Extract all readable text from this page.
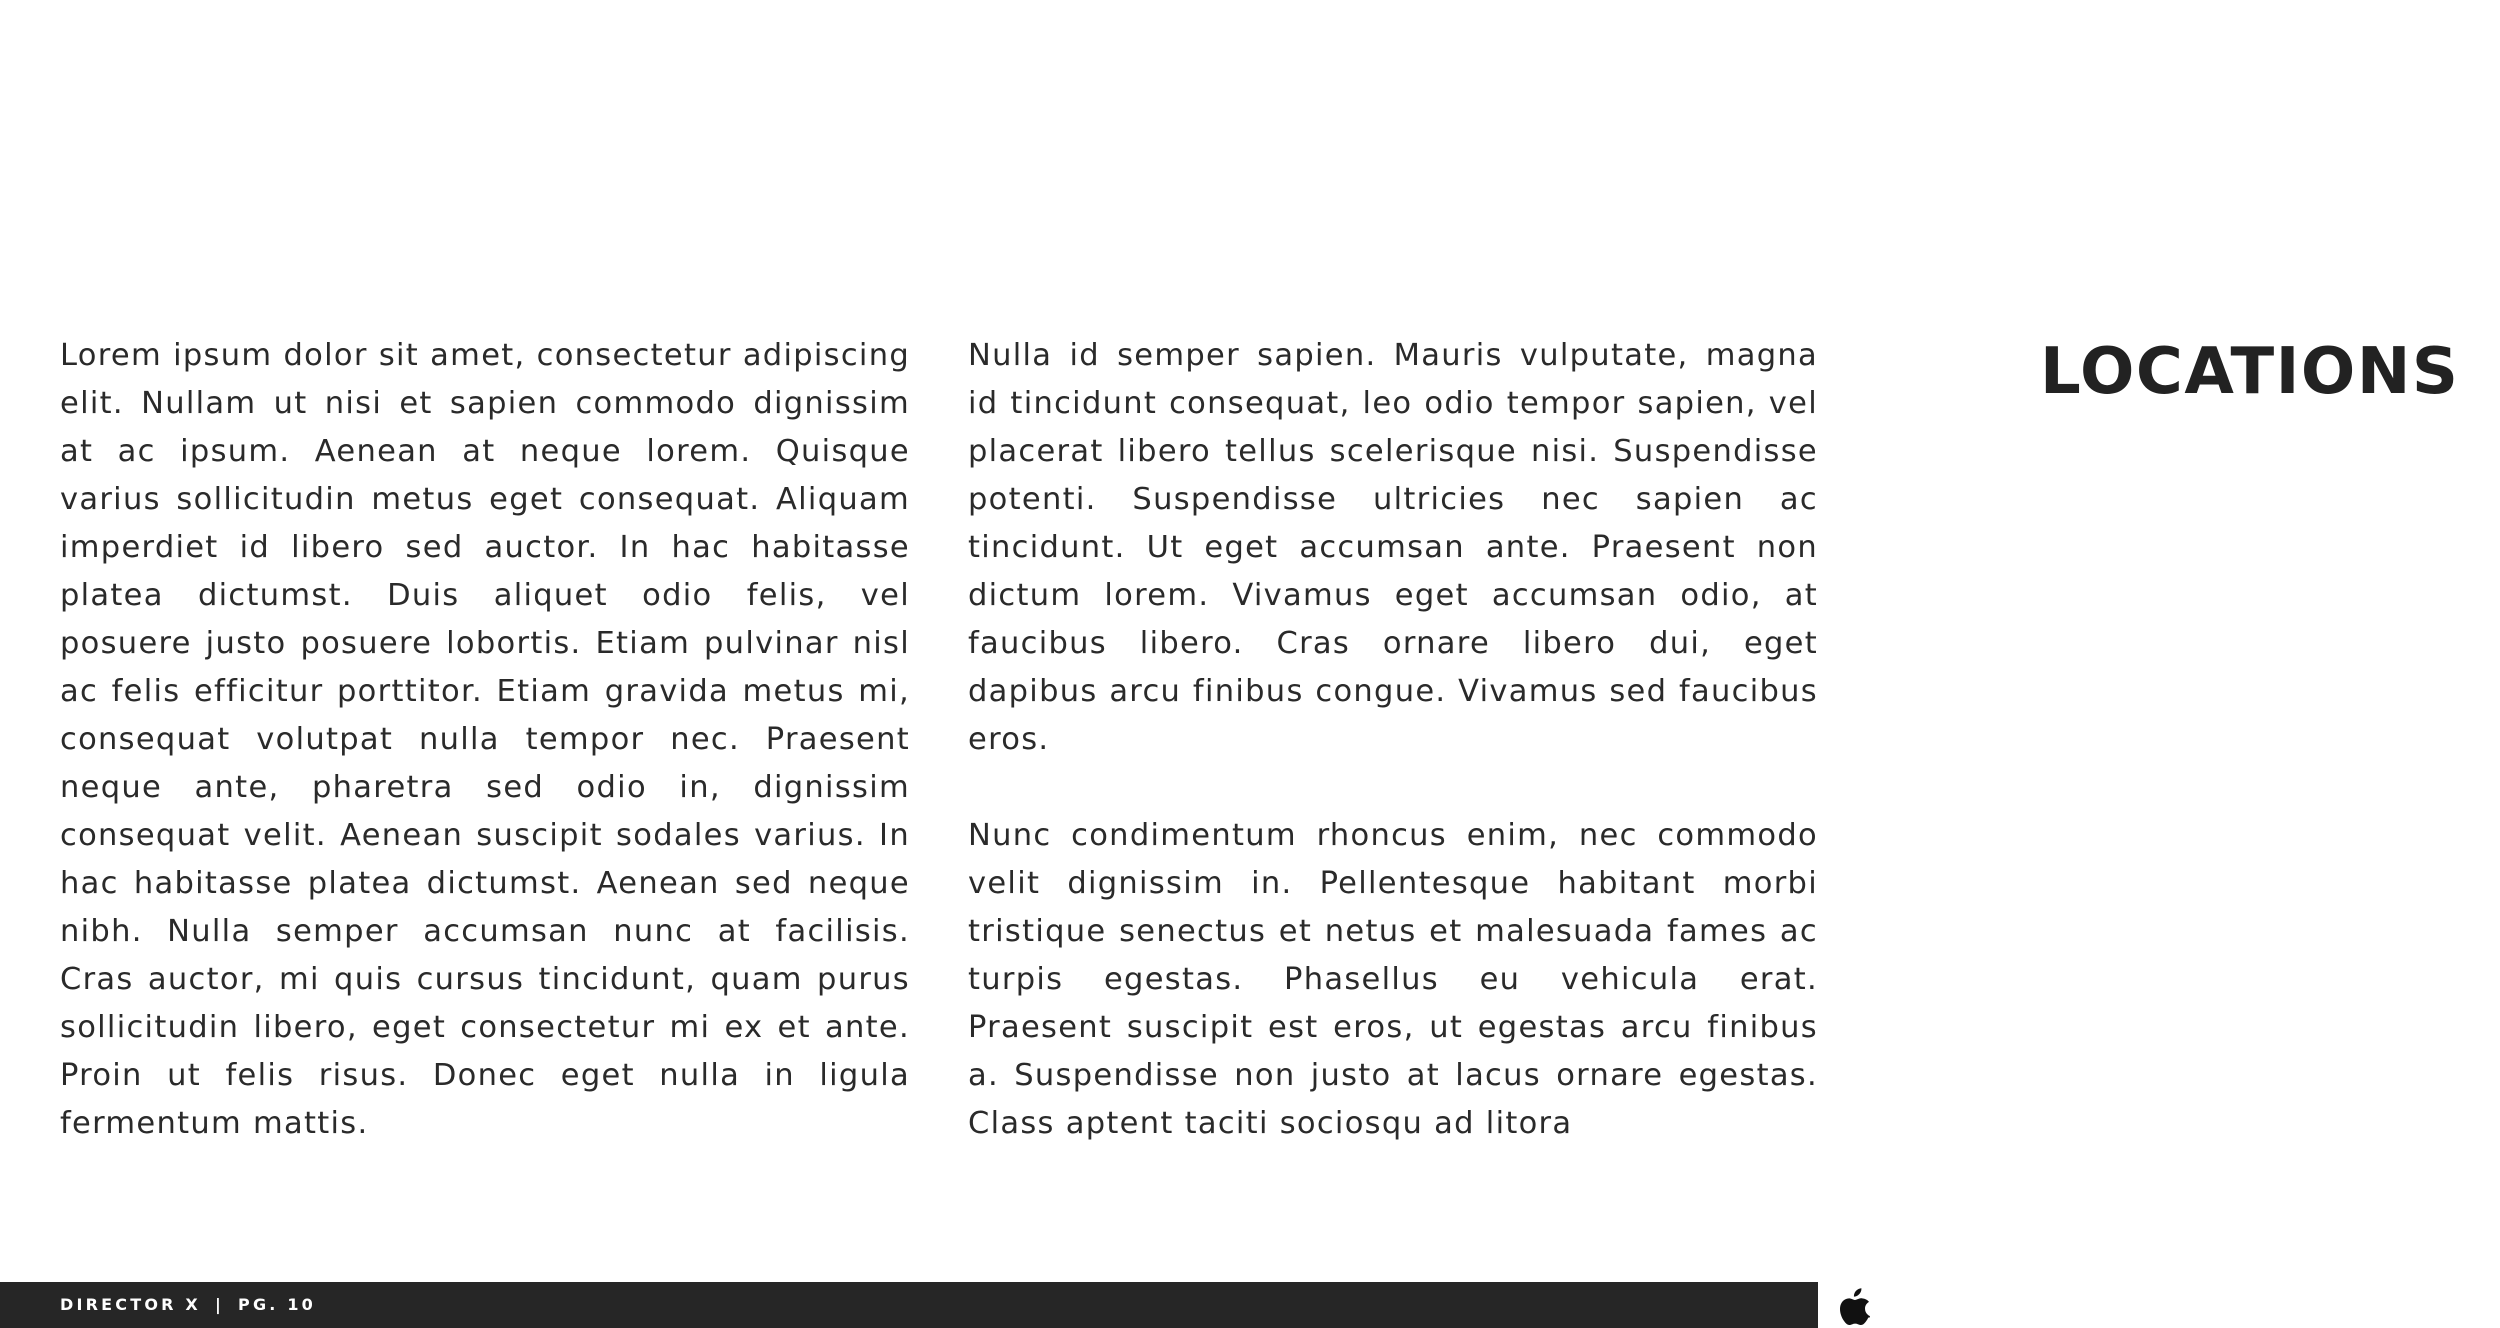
Lorem ipsum dolor sit amet, consectetur adipiscing elit. Nullam ut nisi et sapien commodo dignissim at ac ipsum. Aenean at neque lorem. Quisque varius sollicitudin metus eget consequat. Aliquam imperdiet id libero sed auctor. In hac habitasse platea dictumst. Duis aliquet odio felis, vel posuere justo posuere lobortis. Etiam pulvinar nisl ac felis efficitur porttitor. Etiam gravida metus mi, consequat volutpat nulla tempor nec. Praesent neque ante, pharetra sed odio in, dignissim consequat velit. Aenean suscipit sodales varius. In hac habitasse platea dictumst. Aenean sed neque nibh. Nulla semper accumsan nunc at facilisis. Cras auctor, mi quis cursus tincidunt, quam purus sollicitudin libero, eget consectetur mi ex et ante. Proin ut felis risus. Donec eget nulla in ligula fermentum mattis.

Nulla id semper sapien. Mauris vulputate, magna id tincidunt consequat, leo odio tempor sapien, vel placerat libero tellus scelerisque nisi. Suspendisse potenti. Suspendisse ultricies nec sapien ac tincidunt. Ut eget accumsan ante. Praesent non dictum lorem. Vivamus eget accumsan odio, at faucibus libero. Cras ornare libero dui, eget dapibus arcu finibus congue. Vivamus sed faucibus eros.

Nunc condimentum rhoncus enim, nec commodo velit dignissim in. Pellentesque habitant morbi tristique senectus et netus et malesuada fames ac turpis egestas. Phasellus eu vehicula erat. Praesent suscipit est eros, ut egestas arcu finibus a. Suspendisse non justo at lacus ornare egestas. Class aptent taciti sociosqu ad litora

LOCATIONS
DIRECTOR X | PG. 10
